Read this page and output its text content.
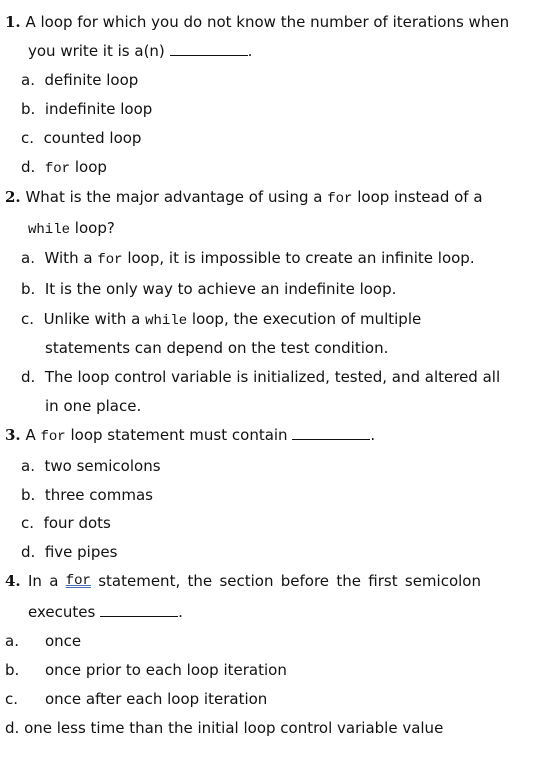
1. A loop for which you do not know the number of iterations when
you write it is a(n)	.
a. definite loop
b. indefinite loop
c. counted loop
d. for loop
2. What is the major advantage of using a for loop instead of a
while loop?
a. With a for loop, it is impossible to create an infinite loop.
b. It is the only way to achieve an indefinite loop.
c. Unlike with a while loop, the execution of multiple
statements can depend on the test condition.
d. The loop control variable is initialized, tested, and altered all
in one place.
3. A for loop statement must contain	.
a. two semicolons
b. three commas
c. four dots
d. five pipes
4. In a for statement, the section before the first semicolon
executes	.
a. once
b. once prior to each loop iteration
c. once after each loop iteration
d. one less time than the initial loop control variable value
